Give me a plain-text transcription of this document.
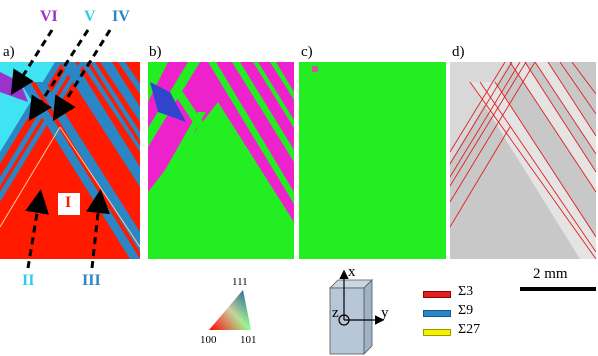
a)
I
VI V IV
II	III
b)	c)	d)
111
100 101
x
y
z
Σ3
Σ9
Σ27
2 mm
